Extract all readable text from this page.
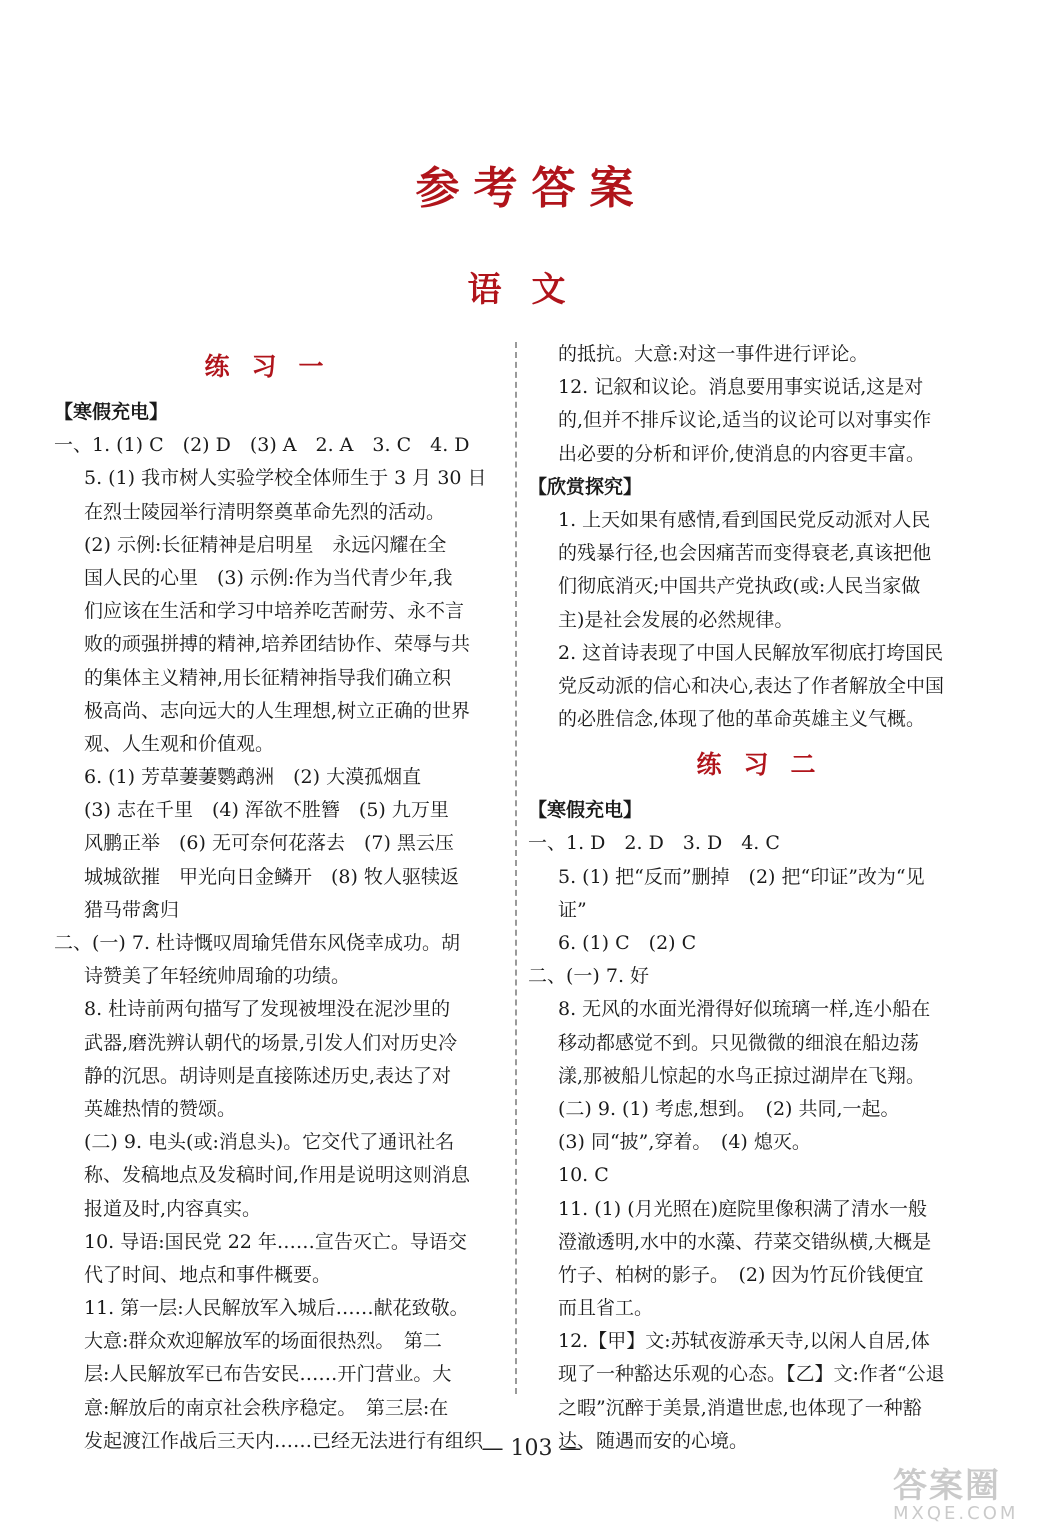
参考答案
语文
练习一
【寒假充电】
一、1. (1) C　(2) D　(3) A　2. A　3. C　4. D
5. (1) 我市树人实验学校全体师生于 3 月 30 日
在烈士陵园举行清明祭奠革命先烈的活动。
(2) 示例:长征精神是启明星　永远闪耀在全
国人民的心里　(3) 示例:作为当代青少年,我
们应该在生活和学习中培养吃苦耐劳、永不言
败的顽强拼搏的精神,培养团结协作、荣辱与共
的集体主义精神,用长征精神指导我们确立积
极高尚、志向远大的人生理想,树立正确的世界
观、人生观和价值观。
6. (1) 芳草萋萋鹦鹉洲　(2) 大漠孤烟直
(3) 志在千里　(4) 浑欲不胜簪　(5) 九万里
风鹏正举　(6) 无可奈何花落去　(7) 黑云压
城城欲摧　甲光向日金鳞开　(8) 牧人驱犊返
猎马带禽归
二、(一) 7. 杜诗慨叹周瑜凭借东风侥幸成功。胡
诗赞美了年轻统帅周瑜的功绩。
8. 杜诗前两句描写了发现被埋没在泥沙里的
武器,磨洗辨认朝代的场景,引发人们对历史冷
静的沉思。胡诗则是直接陈述历史,表达了对
英雄热情的赞颂。
(二) 9. 电头(或:消息头)。它交代了通讯社名
称、发稿地点及发稿时间,作用是说明这则消息
报道及时,内容真实。
10. 导语:国民党 22 年……宣告灭亡。导语交
代了时间、地点和事件概要。
11. 第一层:人民解放军入城后……献花致敬。
大意:群众欢迎解放军的场面很热烈。　第二
层:人民解放军已布告安民……开门营业。大
意:解放后的南京社会秩序稳定。　第三层:在
发起渡江作战后三天内……已经无法进行有组织
的抵抗。大意:对这一事件进行评论。
12. 记叙和议论。消息要用事实说话,这是对
的,但并不排斥议论,适当的议论可以对事实作
出必要的分析和评价,使消息的内容更丰富。
【欣赏探究】
1. 上天如果有感情,看到国民党反动派对人民
的残暴行径,也会因痛苦而变得衰老,真该把他
们彻底消灭;中国共产党执政(或:人民当家做
主)是社会发展的必然规律。
2. 这首诗表现了中国人民解放军彻底打垮国民
党反动派的信心和决心,表达了作者解放全中国
的必胜信念,体现了他的革命英雄主义气概。
练习二
【寒假充电】
一、1. D　2. D　3. D　4. C
5. (1) 把“反而”删掉　(2) 把“印证”改为“见
证”
6. (1) C　(2) C
二、(一) 7. 好
8. 无风的水面光滑得好似琉璃一样,连小船在
移动都感觉不到。只见微微的细浪在船边荡
漾,那被船儿惊起的水鸟正掠过湖岸在飞翔。
(二) 9. (1) 考虑,想到。　(2) 共同,一起。
(3) 同“披”,穿着。　(4) 熄灭。
10. C
11. (1) (月光照在)庭院里像积满了清水一般
澄澈透明,水中的水藻、荇菜交错纵横,大概是
竹子、柏树的影子。　(2) 因为竹瓦价钱便宜
而且省工。
12.【甲】文:苏轼夜游承天寺,以闲人自居,体
现了一种豁达乐观的心态。【乙】文:作者“公退
之暇”沉醉于美景,消遣世虑,也体现了一种豁
达、随遇而安的心境。
— 103 —
答案圈
MXQE.COM
